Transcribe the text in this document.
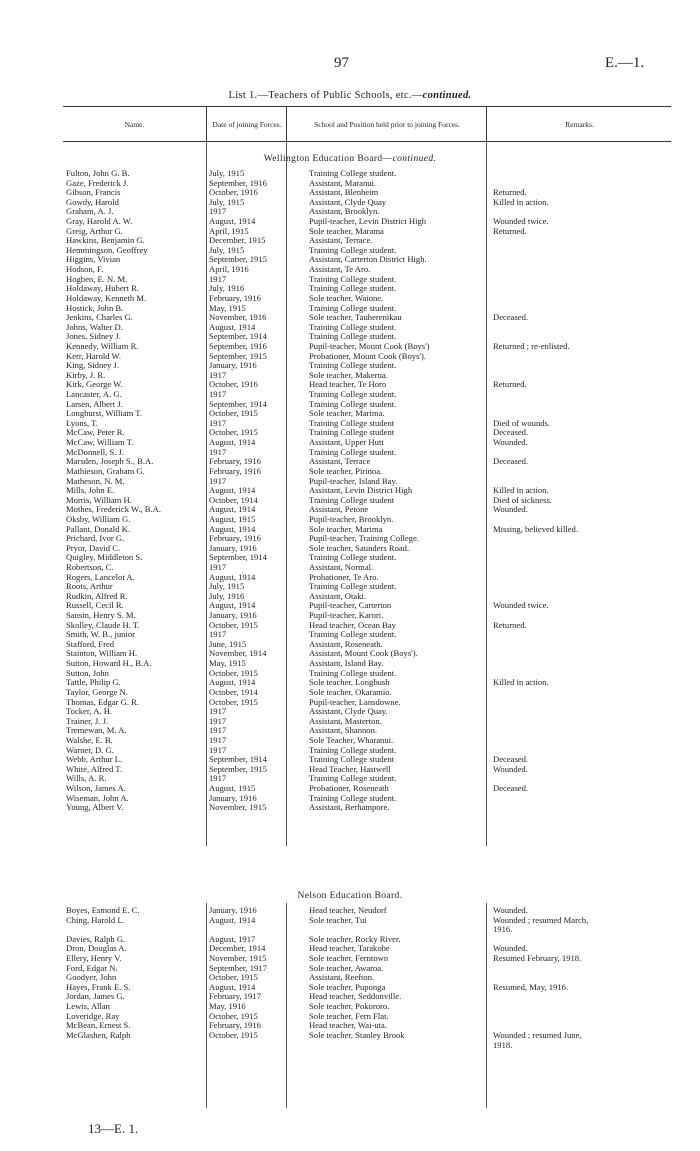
97	E.—1.
List 1.—Teachers of Public Schools, etc.—continued.
Name.	Date of joining Forces.	School and Position held prior to joining Forces.	Remarks.
Wellington Education Board—continued.
Fulton, John G. B.	July, 1915	Training College student.
Gaze, Frederick J.	September, 1916	Assistant, Maranui.
Gibson, Francis	October, 1916	Assistant, Blenheim	Returned.
Gowdy, Harold	July, 1915	Assistant, Clyde Quay	Killed in action.
Graham, A. J.	1917	Assistant, Brooklyn.
Gray, Harold A. W.	August, 1914	Pupil-teacher, Levin District High	Wounded twice.
Greig, Arthur G.	April, 1915	Sole teacher, Marama	Returned.
Hawkins, Benjamin G.	December, 1915	Assistant, Terrace.
Hemmingson, Geoffrey	July, 1915	Training College student.
Higgins, Vivian	September, 1915	Assistant, Carterton District High.
Hodson, F.	April, 1916	Assistant, Te Aro.
Hogben, E. N. M.	1917	Training College student.
Holdaway, Hubert R.	July, 1916	Training College student.
Holdaway, Kenneth M.	February, 1916	Sole teacher, Waione.
Hostick, John B.	May, 1915	Training College student.
Jenkins, Charles G.	November, 1916	Sole teacher, Tauherenikau	Deceased.
Johns, Walter D.	August, 1914	Training College student.
Jones, Sidney J.	September, 1914	Training College student.
Kennedy, William R.	September, 1916	Pupil-teacher, Mount Cook (Boys')	Returned ; re-enlisted.
Kerr, Harold W.	September, 1915	Probationer, Mount Cook (Boys').
King, Sidney J.	January, 1916	Training College student.
Kirby, J. R.	1917	Sole teacher, Makerua.
Kirk, George W.	October, 1916	Head teacher, Te Horo	Returned.
Lancaster, A. G.	1917	Training College student.
Larsen, Albert J.	September, 1914	Training College student.
Longhurst, William T.	October, 1915	Sole teacher, Marima.
Lyons, T.	1917	Training College student	Died of wounds.
McCaw, Peter R.	October, 1915	Training College student	Deceased.
McCaw, William T.	August, 1914	Assistant, Upper Hutt	Wounded.
McDonnell, S. J.	1917	Training College student.
Marsden, Joseph S., B.A.	February, 1916	Assistant, Terrace	Deceased.
Mathieson, Graham G.	February, 1916	Sole teacher, Pirinoa.
Matheson, N. M.	1917	Pupil-teacher, Island Bay.
Mills, John E.	August, 1914	Assistant, Levin District High	Killed in action.
Morris, William H.	October, 1914	Training College student	Died of sickness.
Mothes, Frederick W., B.A.	August, 1914	Assistant, Petone	Wounded.
Oksby, William G.	August, 1915	Pupil-teacher, Brooklyn.
Pallant, Donald K.	August, 1914	Sole teacher, Marima	Missing, believed killed.
Prichard, Ivor G.	February, 1916	Pupil-teacher, Training College.
Pryor, David C.	January, 1916	Sole teacher, Saunders Road.
Quigley, Middleton S.	September, 1914	Training College student.
Robertson, C.	1917	Assistant, Normal.
Rogers, Lancelot A.	August, 1914	Probationer, Te Aro.
Roots, Arthur	July, 1915	Training College student.
Rudkin, Alfred R.	July, 1916	Assistant, Otaki.
Russell, Cecil R.	August, 1914	Pupil-teacher, Carterton	Wounded twice.
Sansin, Henry S. M.	January, 1916	Pupil-teacher, Karori.
Skolley, Claude H. T.	October, 1915	Head teacher, Ocean Bay	Returned.
Smith, W. B., junior	1917	Training College student.
Stafford, Fred	June, 1915	Assistant, Roseneath.
Stainton, William H.	November, 1914	Assistant, Mount Cook (Boys').
Sutton, Howard H., B.A.	May, 1915	Assistant, Island Bay.
Sutton, John	October, 1915	Training College student.
Tattle, Philip G.	August, 1914	Sole teacher, Longbush	Killed in action.
Taylor, George N.	October, 1914	Sole teacher, Okaramio.
Thomas, Edgar G. R.	October, 1915	Pupil-teacher, Lansdowne.
Tocker, A. H.	1917	Assistant, Clyde Quay.
Trainer, J. J.	1917	Assistant, Masterton.
Tremewan, M. A.	1917	Assistant, Shannon.
Walshe, E. B.	1917	Sole Teacher, Wharanui.
Warner, D. G.	1917	Training College student.
Webb, Arthur L.	September, 1914	Training College student	Deceased.
White, Alfred T.	September, 1915	Head Teacher, Hastwell	Wounded.
Wills, A. R.	1917	Training College student.
Wilson, James A.	August, 1915	Probationer, Roseneath	Deceased.
Wiseman, John A.	January, 1916	Training College student.
Young, Albert V.	November, 1915	Assistant, Berhampore.
Nelson Education Board.
Boyes, Esmond E. C.	January, 1916	Head teacher, Neudorf	Wounded.
Ching, Harold L.	August, 1914	Sole teacher, Tui	Wounded ; resumed March,
1916.
Davies, Ralph G.	August, 1917	Sole teacher, Rocky River.
Dron, Douglas A.	December, 1914	Head teacher, Tarakohe	Wounded.
Ellery, Henry V.	November, 1915	Sole teacher, Ferntown	Resumed February, 1918.
Ford, Edgar N.	September, 1917	Sole teacher, Awaroa.
Goodyer, John	October, 1915	Assistant, Reefton.
Hayes, Frank E. S.	August, 1914	Sole teacher, Puponga	Resumed, May, 1916.
Jordan, James G.	February, 1917	Head teacher, Seddonville.
Lewis, Allan	May, 1916	Sole teacher, Pokororo.
Loveridge, Ray	October, 1915	Sole teacher, Fern Flat.
McBean, Ernest S.	February, 1916	Head teacher, Wai-uta.
McGlashen, Ralph	October, 1915	Sole teacher, Stanley Brook	Wounded ; resumed June,
1918.
13—E. 1.
